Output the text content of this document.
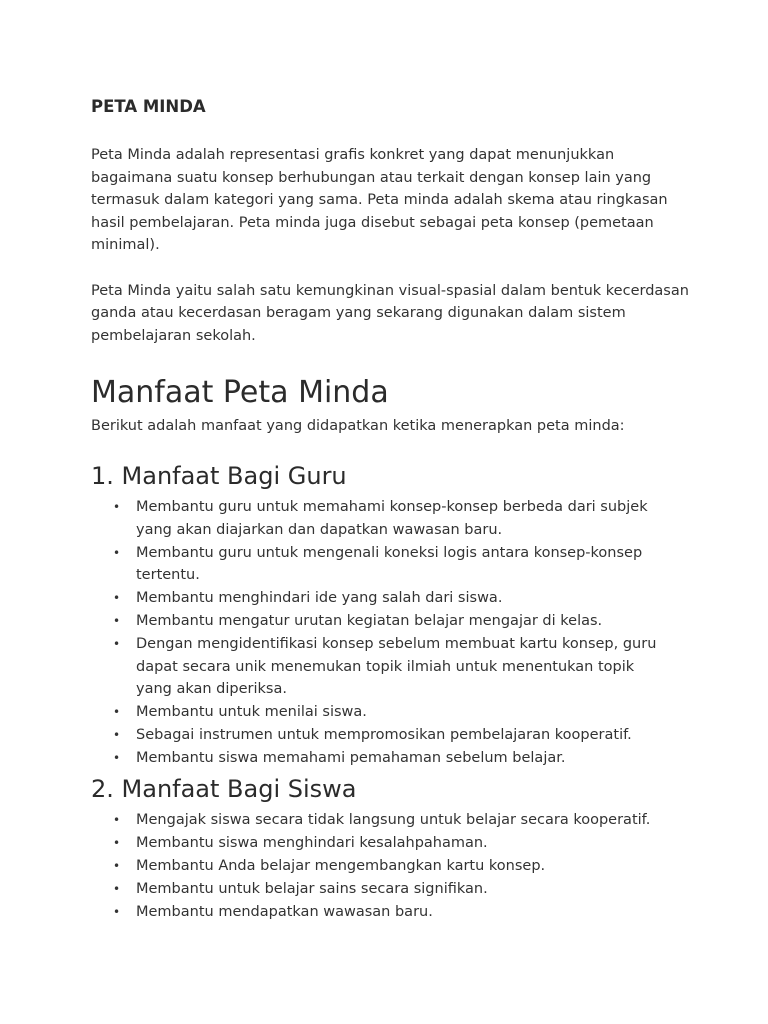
PETA MINDA

Peta Minda adalah representasi grafis konkret yang dapat menunjukkan bagaimana suatu konsep berhubungan atau terkait dengan konsep lain yang termasuk dalam kategori yang sama. Peta minda adalah skema atau ringkasan hasil pembelajaran. Peta minda juga disebut sebagai peta konsep (pemetaan minimal).

Peta Minda yaitu salah satu kemungkinan visual-spasial dalam bentuk kecerdasan ganda atau kecerdasan beragam yang sekarang digunakan dalam sistem pembelajaran sekolah.

Manfaat Peta Minda

Berikut adalah manfaat yang didapatkan ketika menerapkan peta minda:

1. Manfaat Bagi Guru
• Membantu guru untuk memahami konsep-konsep berbeda dari subjek yang akan diajarkan dan dapatkan wawasan baru.
• Membantu guru untuk mengenali koneksi logis antara konsep-konsep tertentu.
• Membantu menghindari ide yang salah dari siswa.
• Membantu mengatur urutan kegiatan belajar mengajar di kelas.
• Dengan mengidentifikasi konsep sebelum membuat kartu konsep, guru dapat secara unik menemukan topik ilmiah untuk menentukan topik yang akan diperiksa.
• Membantu untuk menilai siswa.
• Sebagai instrumen untuk mempromosikan pembelajaran kooperatif.
• Membantu siswa memahami pemahaman sebelum belajar.
2. Manfaat Bagi Siswa
• Mengajak siswa secara tidak langsung untuk belajar secara kooperatif.
• Membantu siswa menghindari kesalahpahaman.
• Membantu Anda belajar mengembangkan kartu konsep.
• Membantu untuk belajar sains secara signifikan.
• Membantu mendapatkan wawasan baru.
